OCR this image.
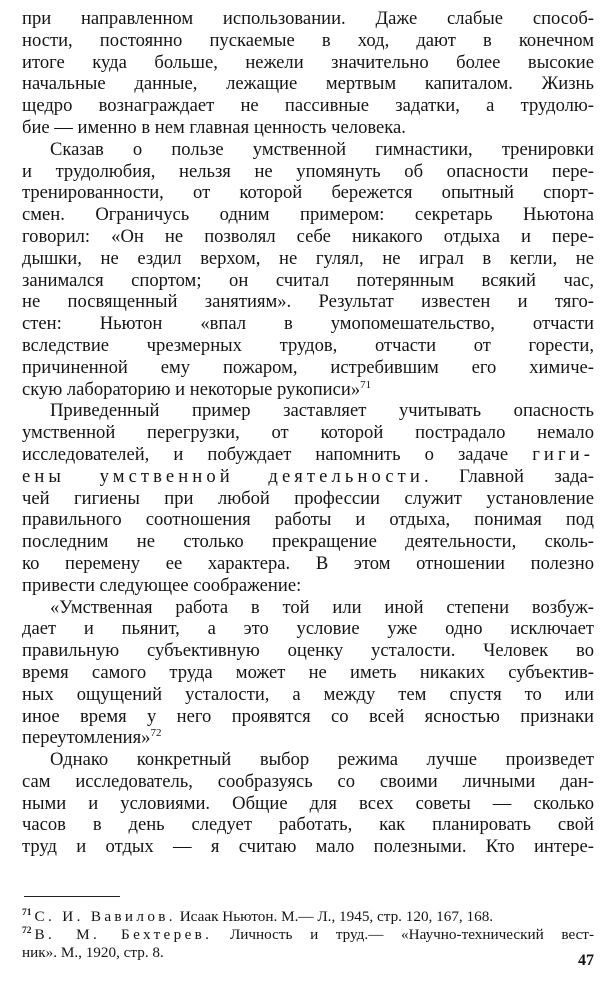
при направленном использовании. Даже слабые способ-
ности, постоянно пускаемые в ход, дают в конечном
итоге куда больше, нежели значительно более высокие
начальные данные, лежащие мертвым капиталом. Жизнь
щедро вознаграждает не пассивные задатки, а трудолю-
бие — именно в нем главная ценность человека.
Сказав о пользе умственной гимнастики, тренировки
и трудолюбия, нельзя не упомянуть об опасности пере-
тренированности, от которой бережется опытный спорт-
смен. Ограничусь одним примером: секретарь Ньютона
говорил: «Он не позволял себе никакого отдыха и пере-
дышки, не ездил верхом, не гулял, не играл в кегли, не
занимался спортом; он считал потерянным всякий час,
не посвященный занятиям». Результат известен и тяго-
стен: Ньютон «впал в умопомешательство, отчасти
вследствие чрезмерных трудов, отчасти от горести,
причиненной ему пожаром, истребившим его химиче-
скую лабораторию и некоторые рукописи»$^{71}$
Приведенный пример заставляет учитывать опасность
умственной перегрузки, от которой пострадало немало
исследователей, и побуждает напомнить о задаче гиги-
ены умственной деятельности. Главной зада-
чей гигиены при любой профессии служит установление
правильного соотношения работы и отдыха, понимая под
последним не столько прекращение деятельности, сколь-
ко перемену ее характера. В этом отношении полезно
привести следующее соображение:
«Умственная работа в той или иной степени возбуж-
дает и пьянит, а это условие уже одно исключает
правильную субъективную оценку усталости. Человек во
время самого труда может не иметь никаких субъектив-
ных ощущений усталости, а между тем спустя то или
иное время у него проявятся со всей ясностью признаки
переутомления»$^{72}$
Однако конкретный выбор режима лучше произведет
сам исследователь, сообразуясь со своими личными дан-
ными и условиями. Общие для всех советы — сколько
часов в день следует работать, как планировать свой
труд и отдых — я считаю мало полезными. Кто интере-
$^{71}$ С. И. Вавилов. Исаак Ньютон. М.— Л., 1945, стр. 120, 167, 168.
$^{72}$ В. М. Бехтерев. Личность и труд.— «Научно-технический вест-
ник». М., 1920, стр. 8.	47
